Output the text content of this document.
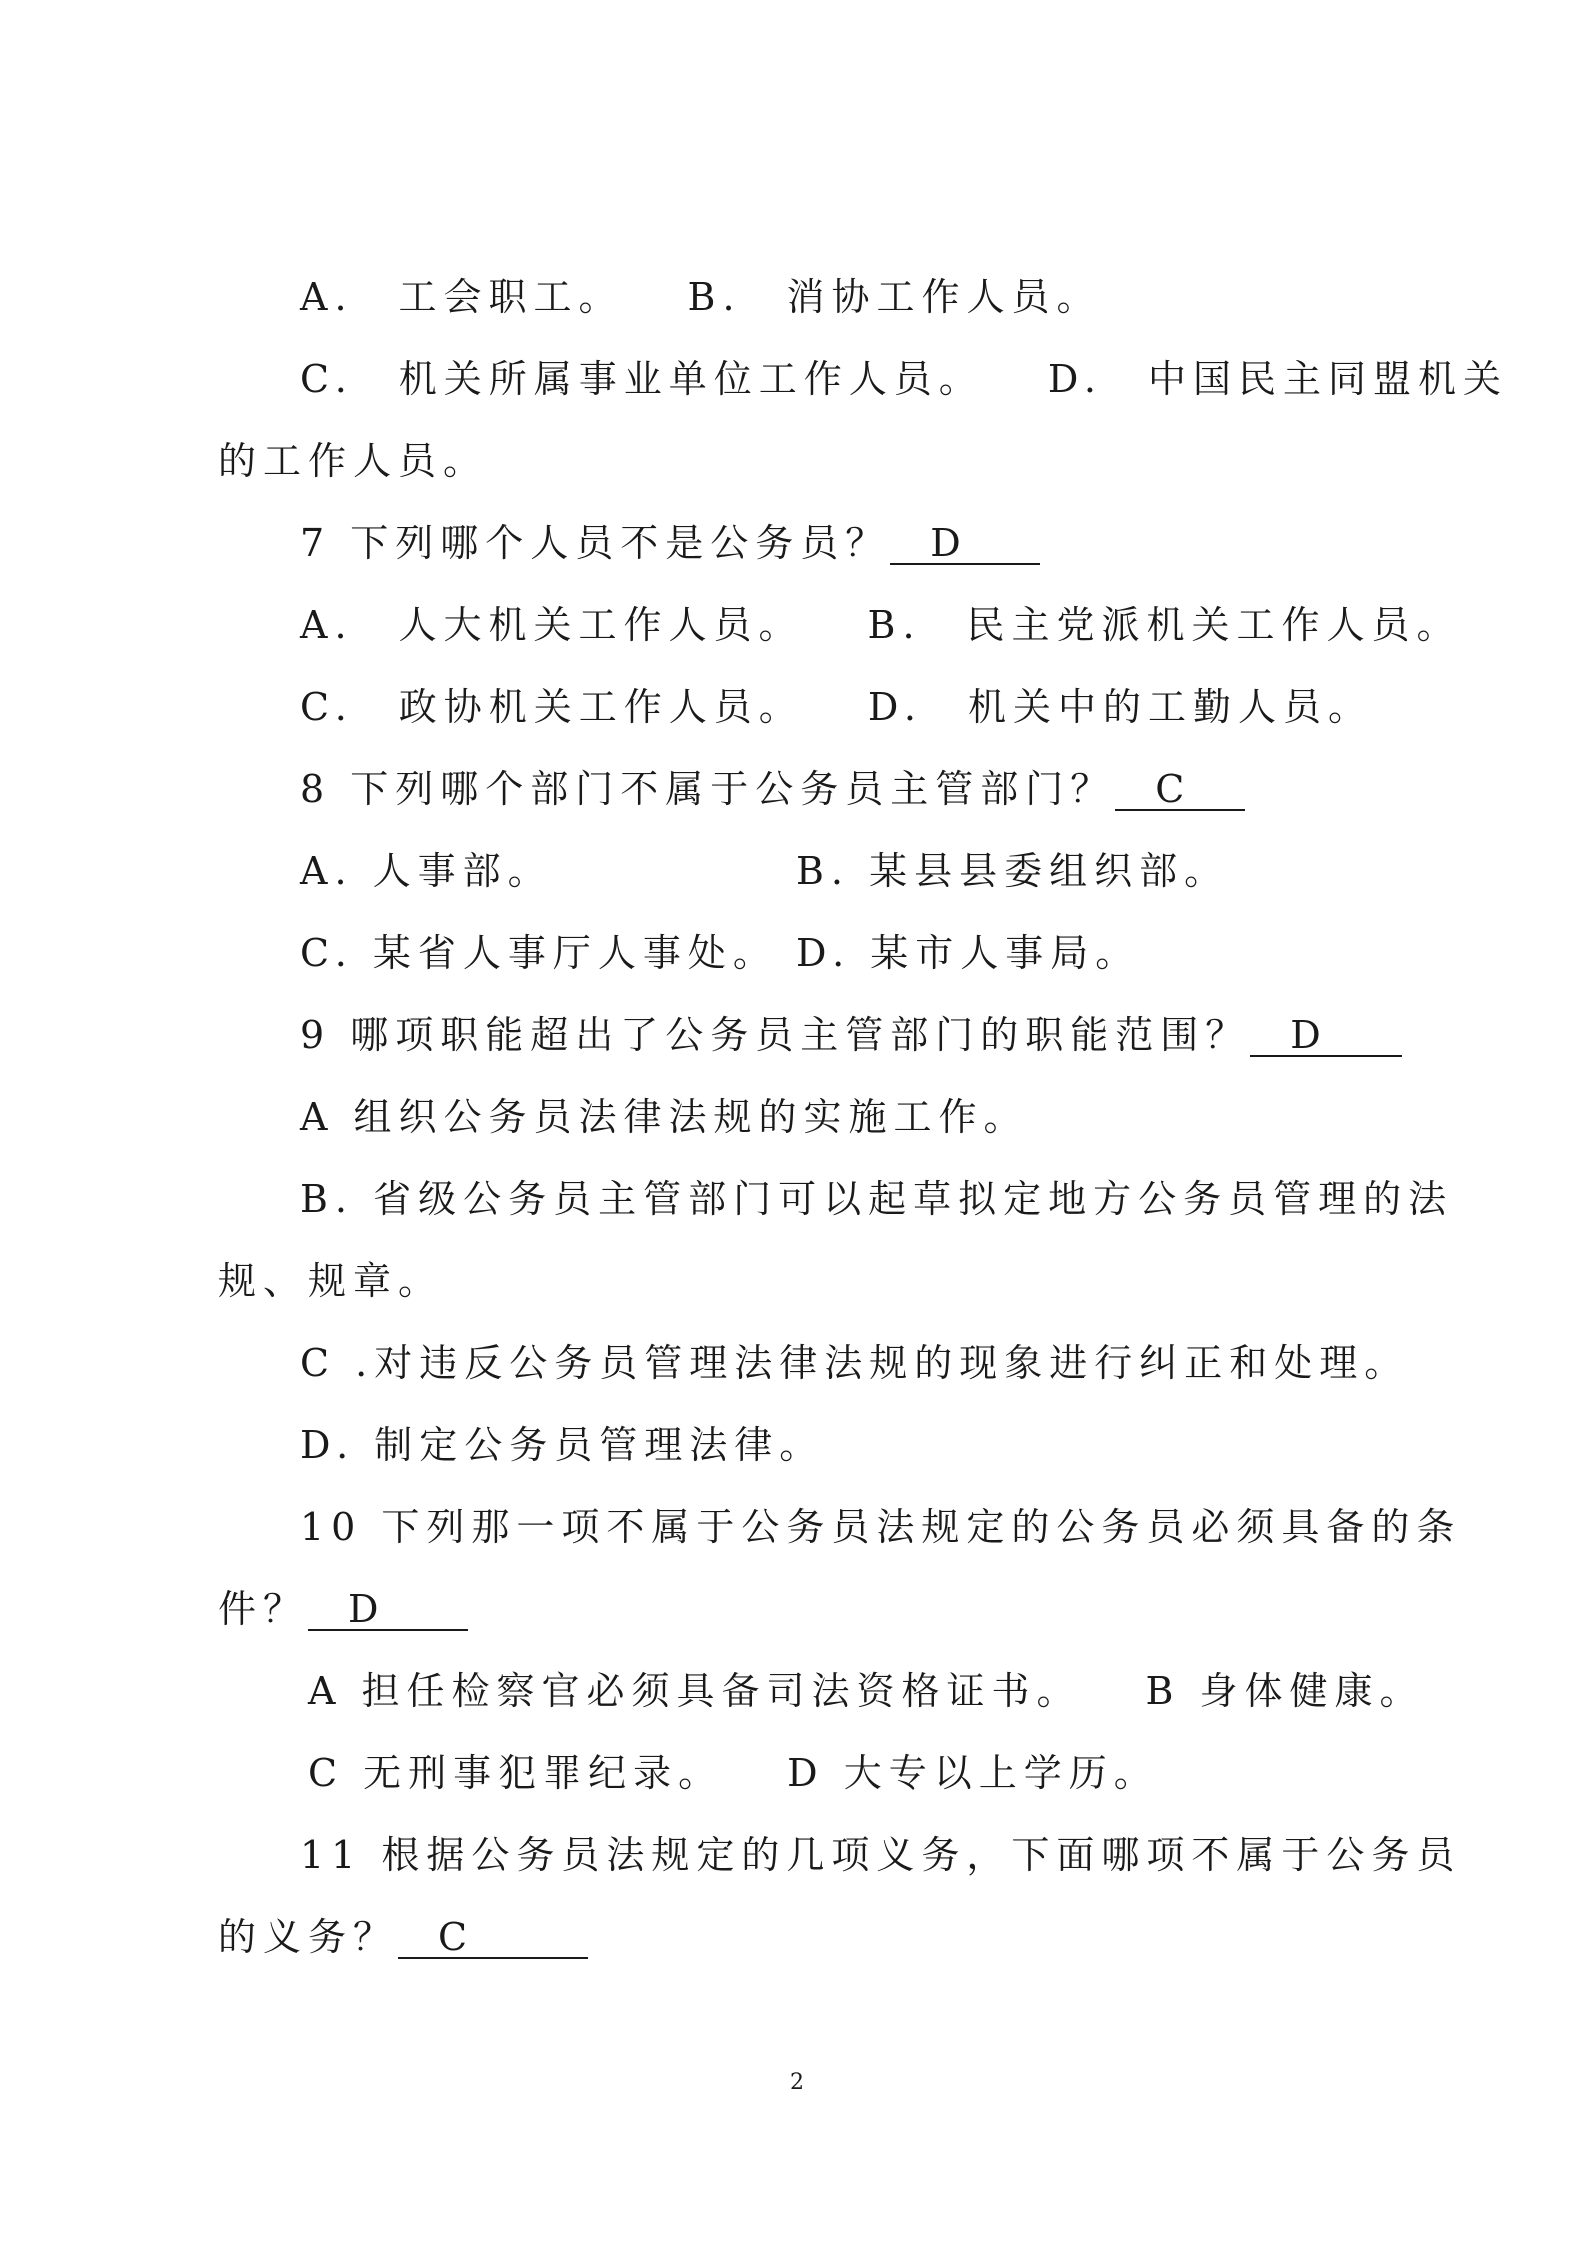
A.　工会职工。 B.　消协工作人员。
C.　机关所属事业单位工作人员。 D.　中国民主同盟机关
的工作人员。
7 下列哪个人员不是公务员？ D
A.　人大机关工作人员。 B.　民主党派机关工作人员。
C.　政协机关工作人员。 D.　机关中的工勤人员。
8 下列哪个部门不属于公务员主管部门？ C
A. 人事部。	B. 某县县委组织部。
C. 某省人事厅人事处。 D. 某市人事局。
9 哪项职能超出了公务员主管部门的职能范围？ D
A 组织公务员法律法规的实施工作。
B. 省级公务员主管部门可以起草拟定地方公务员管理的法
规、规章。
C .对违反公务员管理法律法规的现象进行纠正和处理。
D. 制定公务员管理法律。
10 下列那一项不属于公务员法规定的公务员必须具备的条
件？ D
A 担任检察官必须具备司法资格证书。 B 身体健康。
C 无刑事犯罪纪录。 D 大专以上学历。
11 根据公务员法规定的几项义务，下面哪项不属于公务员
的义务？ C
2
